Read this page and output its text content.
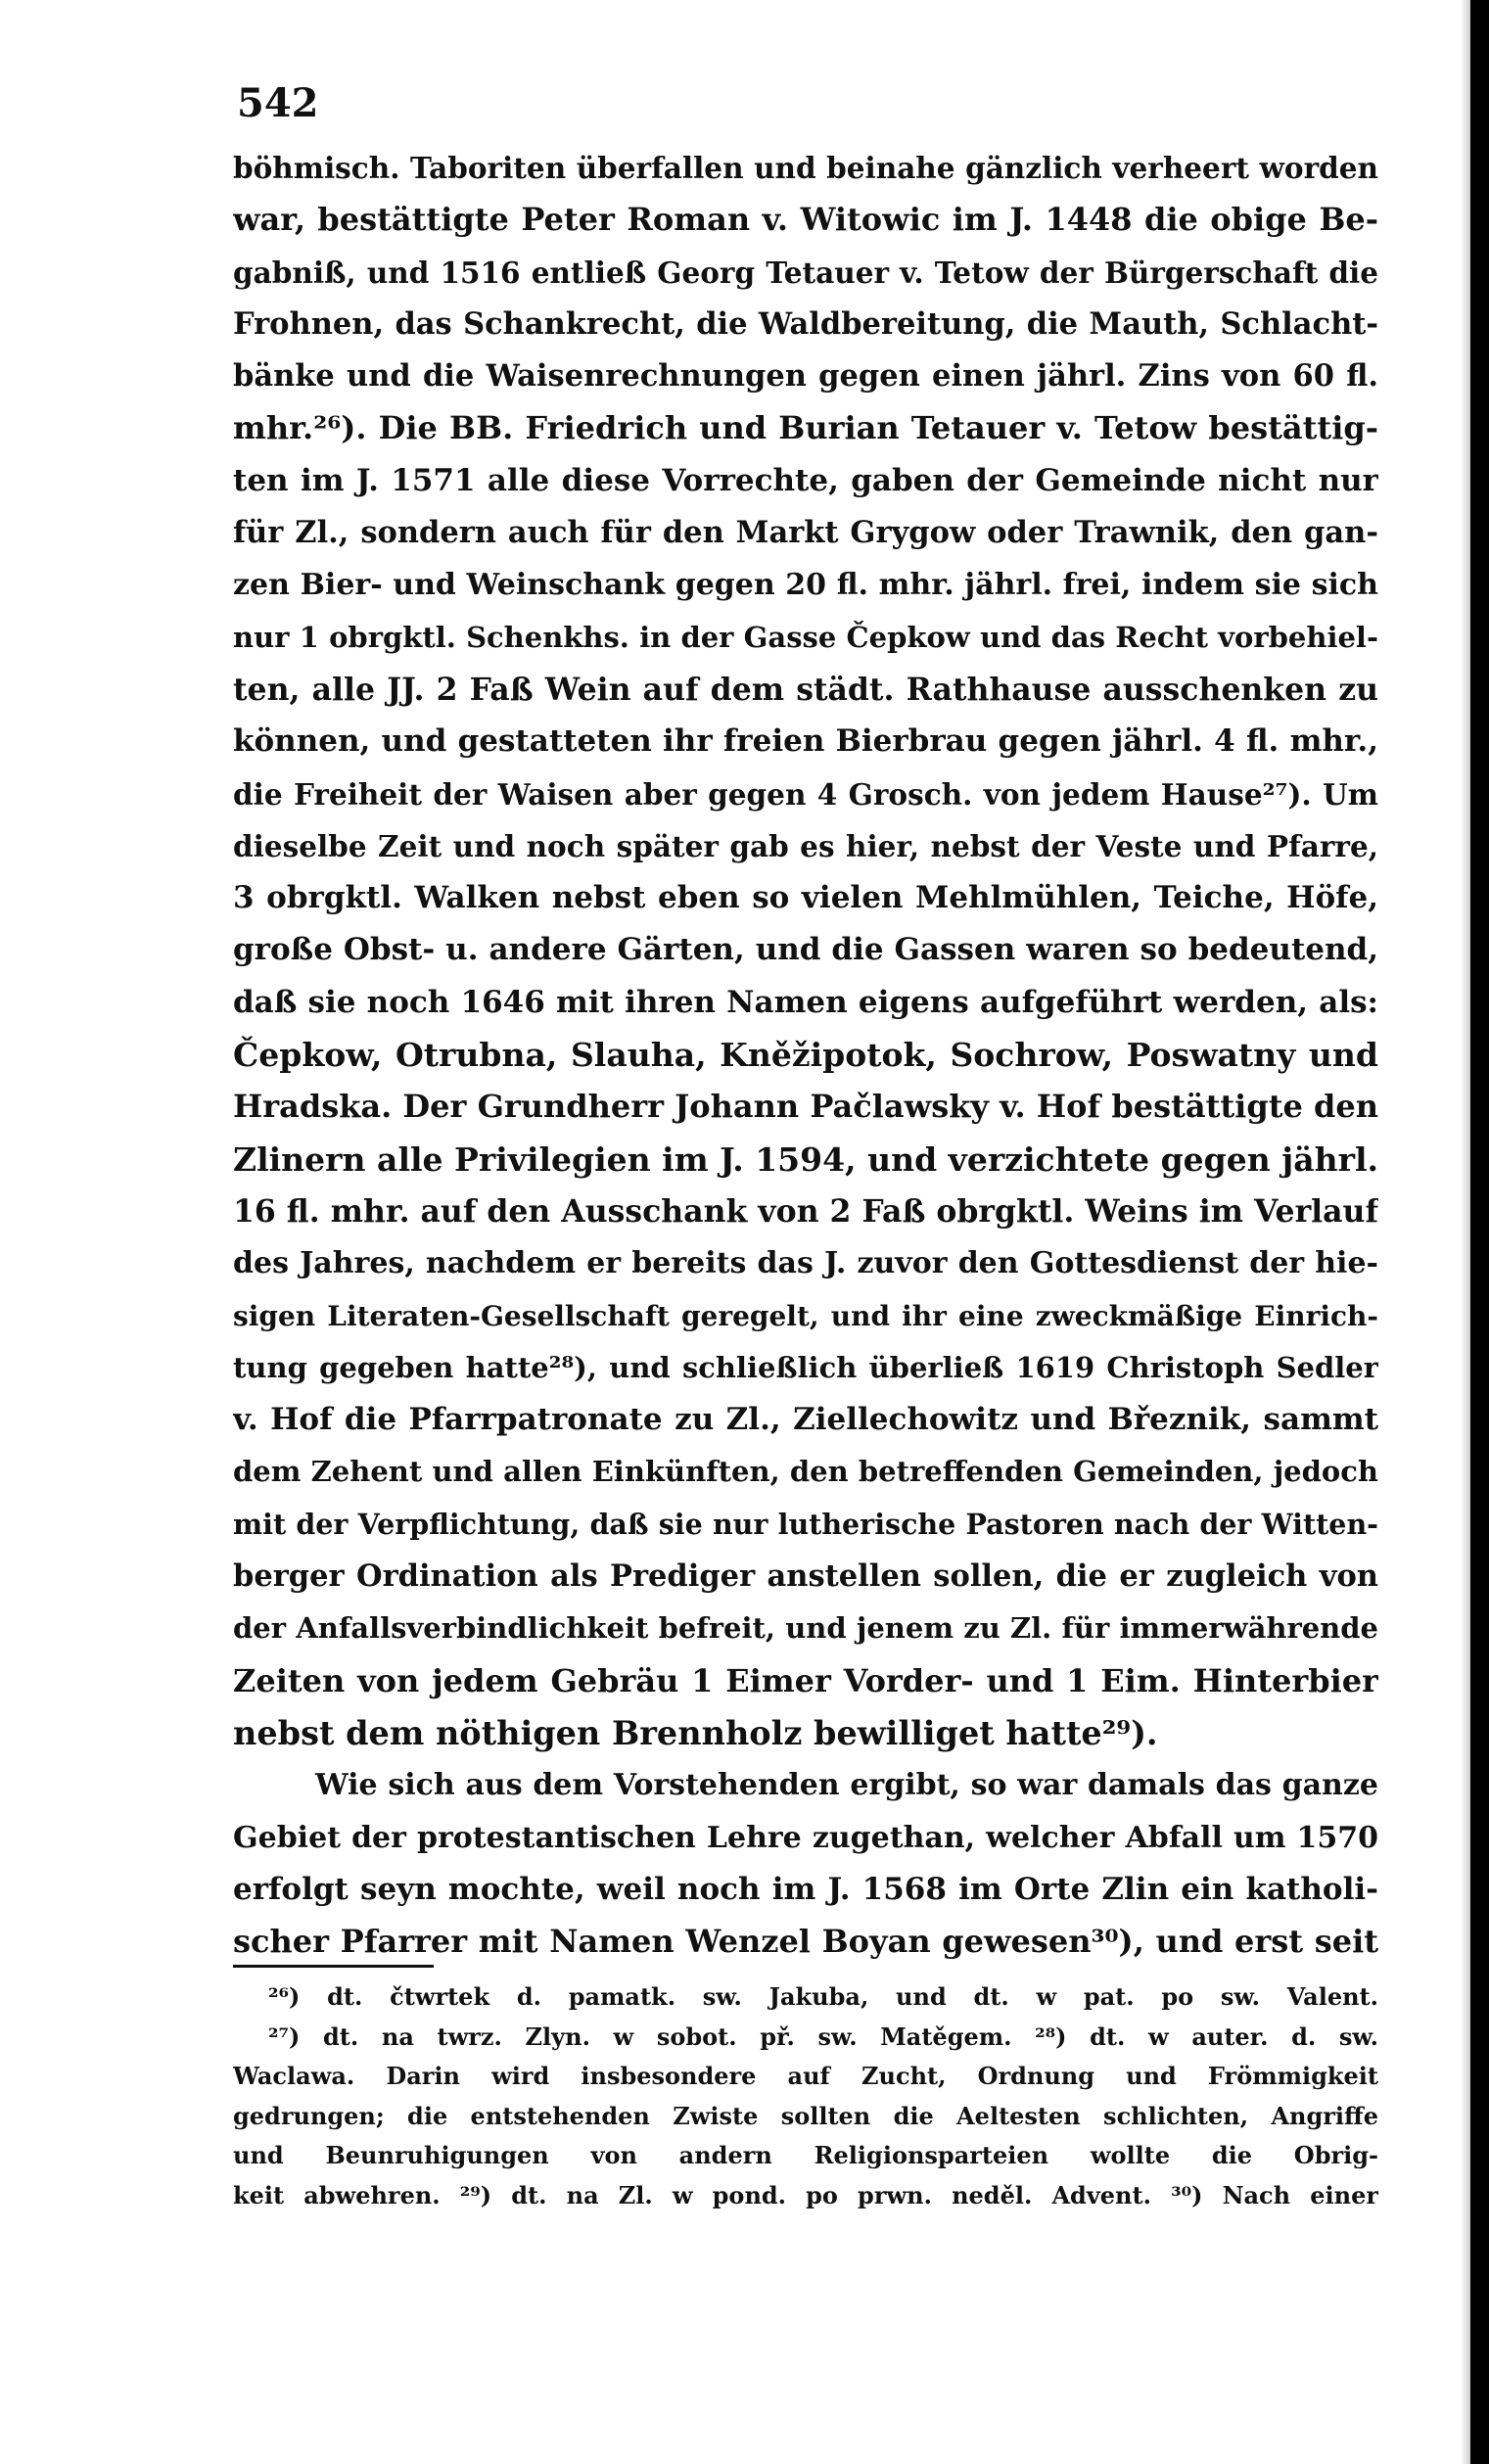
542
böhmisch. Taboriten überfallen und beinahe gänzlich verheert worden
war, bestättigte Peter Roman v. Witowic im J. 1448 die obige Be-
gabniß, und 1516 entließ Georg Tetauer v. Tetow der Bürgerschaft die
Frohnen, das Schankrecht, die Waldbereitung, die Mauth, Schlacht-
bänke und die Waisenrechnungen gegen einen jährl. Zins von 60 fl.
mhr.²⁶). Die BB. Friedrich und Burian Tetauer v. Tetow bestättig-
ten im J. 1571 alle diese Vorrechte, gaben der Gemeinde nicht nur
für Zl., sondern auch für den Markt Grygow oder Trawnik, den gan-
zen Bier- und Weinschank gegen 20 fl. mhr. jährl. frei, indem sie sich
nur 1 obrgktl. Schenkhs. in der Gasse Čepkow und das Recht vorbehiel-
ten, alle JJ. 2 Faß Wein auf dem städt. Rathhause ausschenken zu
können, und gestatteten ihr freien Bierbrau gegen jährl. 4 fl. mhr.,
die Freiheit der Waisen aber gegen 4 Grosch. von jedem Hause²⁷). Um
dieselbe Zeit und noch später gab es hier, nebst der Veste und Pfarre,
3 obrgktl. Walken nebst eben so vielen Mehlmühlen, Teiche, Höfe,
große Obst- u. andere Gärten, und die Gassen waren so bedeutend,
daß sie noch 1646 mit ihren Namen eigens aufgeführt werden, als:
Čepkow, Otrubna, Slauha, Kněžipotok, Sochrow, Poswatny und
Hradska. Der Grundherr Johann Pačlawsky v. Hof bestättigte den
Zlinern alle Privilegien im J. 1594, und verzichtete gegen jährl.
16 fl. mhr. auf den Ausschank von 2 Faß obrgktl. Weins im Verlauf
des Jahres, nachdem er bereits das J. zuvor den Gottesdienst der hie-
sigen Literaten-Gesellschaft geregelt, und ihr eine zweckmäßige Einrich-
tung gegeben hatte²⁸), und schließlich überließ 1619 Christoph Sedler
v. Hof die Pfarrpatronate zu Zl., Ziellechowitz und Březnik, sammt
dem Zehent und allen Einkünften, den betreffenden Gemeinden, jedoch
mit der Verpflichtung, daß sie nur lutherische Pastoren nach der Witten-
berger Ordination als Prediger anstellen sollen, die er zugleich von
der Anfallsverbindlichkeit befreit, und jenem zu Zl. für immerwährende
Zeiten von jedem Gebräu 1 Eimer Vorder- und 1 Eim. Hinterbier
nebst dem nöthigen Brennholz bewilliget hatte²⁹).
Wie sich aus dem Vorstehenden ergibt, so war damals das ganze
Gebiet der protestantischen Lehre zugethan, welcher Abfall um 1570
erfolgt seyn mochte, weil noch im J. 1568 im Orte Zlin ein katholi-
scher Pfarrer mit Namen Wenzel Boyan gewesen³⁰), und erst seit
²⁶) dt. čtwrtek d. pamatk. sw. Jakuba, und dt. w pat. po sw. Valent.
²⁷) dt. na twrz. Zlyn. w sobot. př. sw. Matěgem. ²⁸) dt. w auter. d. sw.
Waclawa. Darin wird insbesondere auf Zucht, Ordnung und Frömmigkeit
gedrungen; die entstehenden Zwiste sollten die Aeltesten schlichten, Angriffe
und Beunruhigungen von andern Religionsparteien wollte die Obrig-
keit abwehren. ²⁹) dt. na Zl. w pond. po prwn. neděl. Advent. ³⁰) Nach einer
